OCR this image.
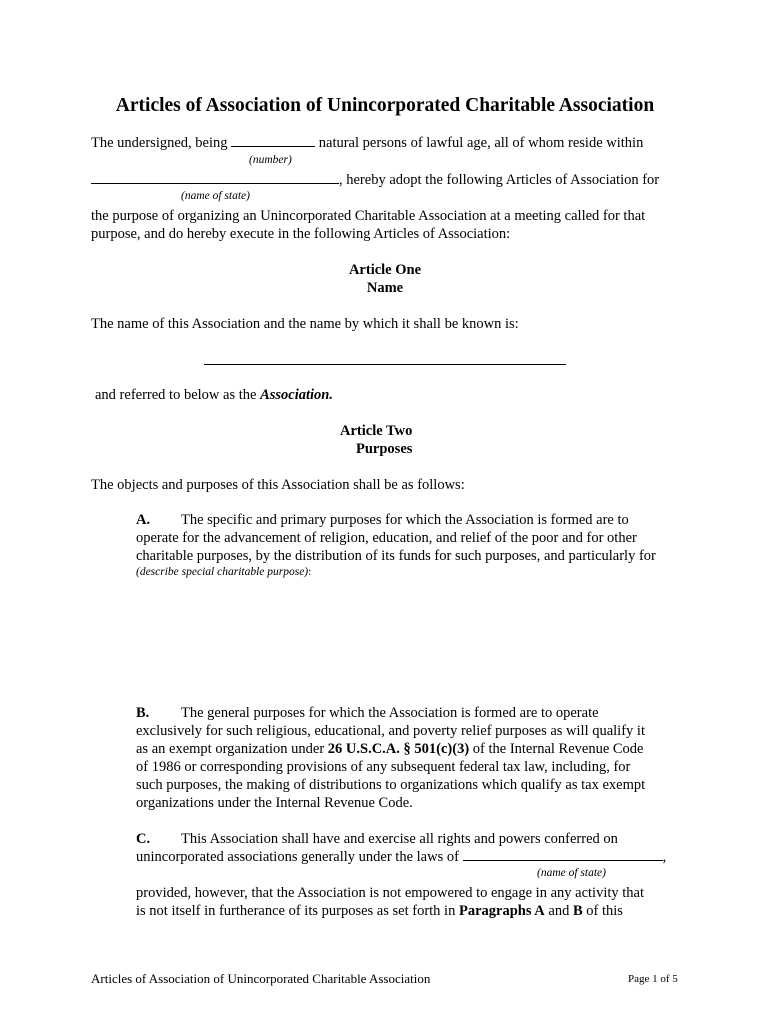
Articles of Association of Unincorporated Charitable Association
The undersigned, being	natural persons of lawful age, all of whom reside within
(number)
, hereby adopt the following Articles of Association for
(name of state)
the purpose of organizing an Unincorporated Charitable Association at a meeting called for that
purpose, and do hereby execute in the following Articles of Association:
Article One
Name
The name of this Association and the name by which it shall be known is:
and referred to below as the Association.
Article Two
Purposes
The objects and purposes of this Association shall be as follows:
A. The specific and primary purposes for which the Association is formed are to
operate for the advancement of religion, education, and relief of the poor and for other
charitable purposes, by the distribution of its funds for such purposes, and particularly for
(describe special charitable purpose):
B. The general purposes for which the Association is formed are to operate
exclusively for such religious, educational, and poverty relief purposes as will qualify it
as an exempt organization under 26 U.S.C.A. § 501(c)(3) of the Internal Revenue Code
of 1986 or corresponding provisions of any subsequent federal tax law, including, for
such purposes, the making of distributions to organizations which qualify as tax exempt
organizations under the Internal Revenue Code.
C. This Association shall have and exercise all rights and powers conferred on
unincorporated associations generally under the laws of	,
(name of state)
provided, however, that the Association is not empowered to engage in any activity that
is not itself in furtherance of its purposes as set forth in Paragraphs A and B of this
Articles of Association of Unincorporated Charitable Association	Page 1 of 5
